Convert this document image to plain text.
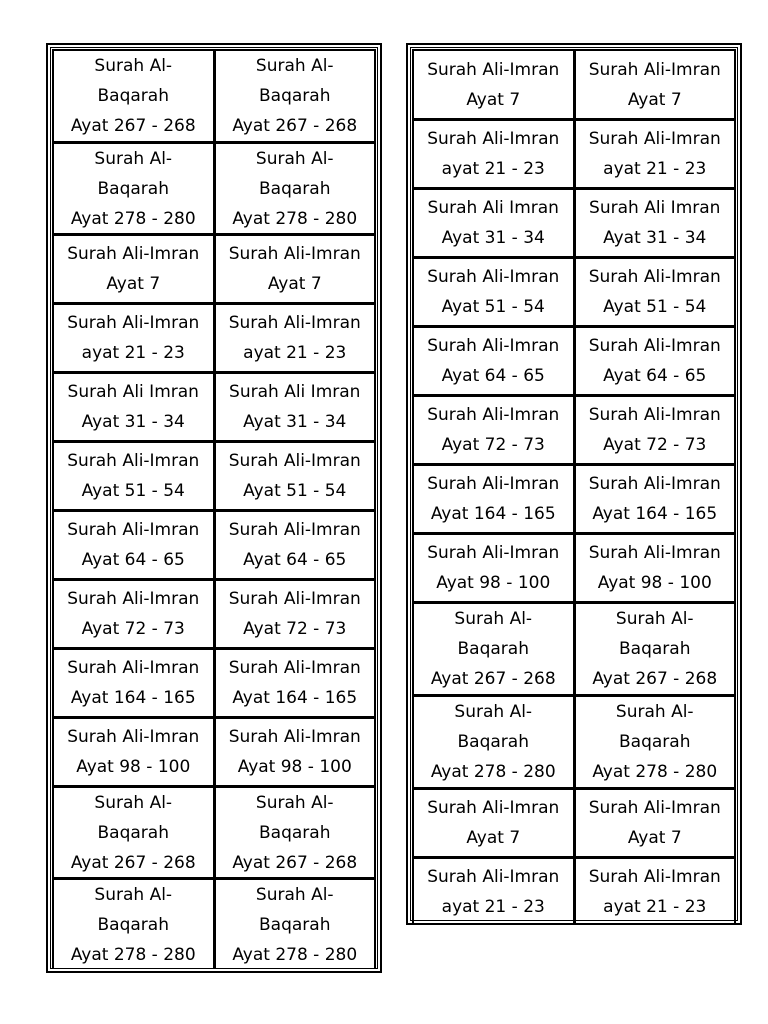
Surah Al-
Baqarah
Ayat 267 - 268
Surah Al-
Baqarah
Ayat 267 - 268
Surah Al-
Baqarah
Ayat 278 - 280
Surah Al-
Baqarah
Ayat 278 - 280
Surah Ali-Imran
Ayat 7
Surah Ali-Imran
Ayat 7
Surah Ali-Imran
ayat 21 - 23
Surah Ali-Imran
ayat 21 - 23
Surah Ali Imran
Ayat 31 - 34
Surah Ali Imran
Ayat 31 - 34
Surah Ali-Imran
Ayat 51 - 54
Surah Ali-Imran
Ayat 51 - 54
Surah Ali-Imran
Ayat 64 - 65
Surah Ali-Imran
Ayat 64 - 65
Surah Ali-Imran
Ayat 72 - 73
Surah Ali-Imran
Ayat 72 - 73
Surah Ali-Imran
Ayat 164 - 165
Surah Ali-Imran
Ayat 164 - 165
Surah Ali-Imran
Ayat 98 - 100
Surah Ali-Imran
Ayat 98 - 100
Surah Al-
Baqarah
Ayat 267 - 268
Surah Al-
Baqarah
Ayat 267 - 268
Surah Al-
Baqarah
Ayat 278 - 280
Surah Al-
Baqarah
Ayat 278 - 280
Surah Ali-Imran
Ayat 7
Surah Ali-Imran
Ayat 7
Surah Ali-Imran
ayat 21 - 23
Surah Ali-Imran
ayat 21 - 23
Surah Ali Imran
Ayat 31 - 34
Surah Ali Imran
Ayat 31 - 34
Surah Ali-Imran
Ayat 51 - 54
Surah Ali-Imran
Ayat 51 - 54
Surah Ali-Imran
Ayat 64 - 65
Surah Ali-Imran
Ayat 64 - 65
Surah Ali-Imran
Ayat 72 - 73
Surah Ali-Imran
Ayat 72 - 73
Surah Ali-Imran
Ayat 164 - 165
Surah Ali-Imran
Ayat 164 - 165
Surah Ali-Imran
Ayat 98 - 100
Surah Ali-Imran
Ayat 98 - 100
Surah Al-
Baqarah
Ayat 267 - 268
Surah Al-
Baqarah
Ayat 267 - 268
Surah Al-
Baqarah
Ayat 278 - 280
Surah Al-
Baqarah
Ayat 278 - 280
Surah Ali-Imran
Ayat 7
Surah Ali-Imran
Ayat 7
Surah Ali-Imran
ayat 21 - 23
Surah Ali-Imran
ayat 21 - 23
